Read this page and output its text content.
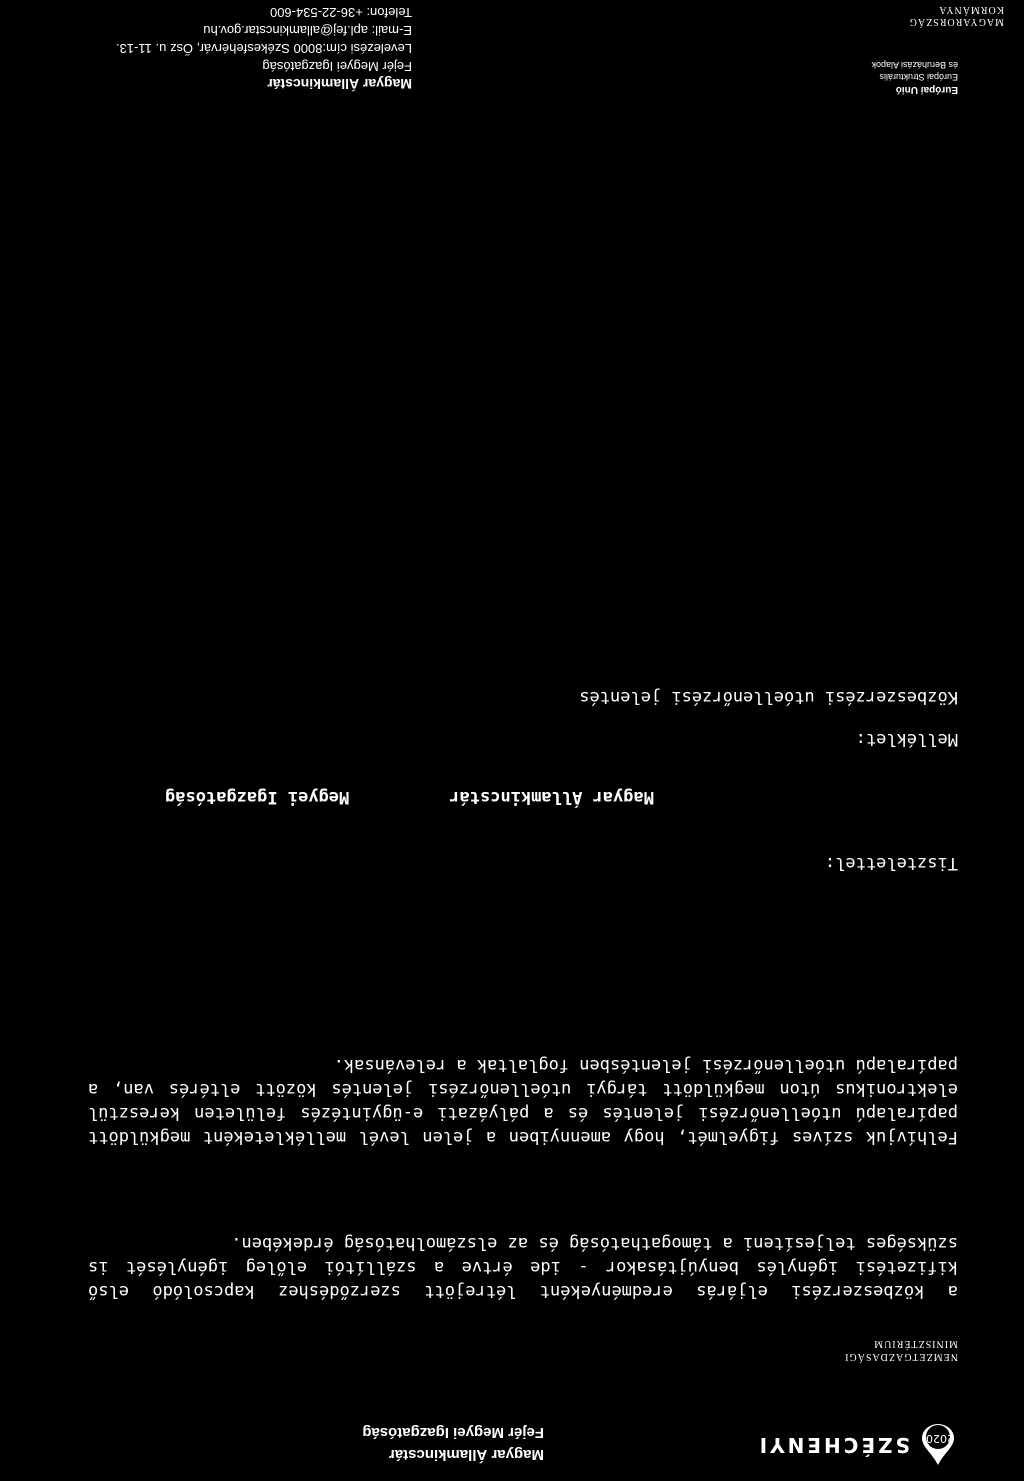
2020
SZÉCHENYI
Magyar Államkincstár
Fejér Megyei Igazgatóság
NEMZETGAZDASÁGI
MINISZTÉRIUM
a közbeszerzési eljárás eredményeként létrejött szerződéshez kapcsolódó első kifizetési igénylés benyújtásakor - ide értve a szállítói előleg igénylését is szükséges teljesíteni a támogathatóság és az elszámolhatóság érdekében.
Felhívjuk szíves figyelmét, hogy amennyiben a jelen levél mellékleteként megküldött papíralapú utóellenőrzési jelentés és a pályázati e-ügyintézés felületen keresztül elektronikus úton megküldött tárgyi utóellenőrzési jelentés között eltérés van, a papíralapú utóellenőrzési jelentésben foglaltak a relevánsak.
Tisztelettel:
Magyar Államkincstár
Megyei Igazgatóság
Melléklet:
Közbeszerzési utóellenőrzési jelentés
Európai Unió
Európai Strukturális
és Beruházási Alapok
Magyar Államkincstár
Fejér Megyei Igazgatóság
Levelezési cím:8000 Székesfehérvár, Ősz u. 11-13.
E-mail: apl.fej@allamkincstar.gov.hu
Telefon: +36-22-534-600
MAGYARORSZÁG
KORMÁNYA
